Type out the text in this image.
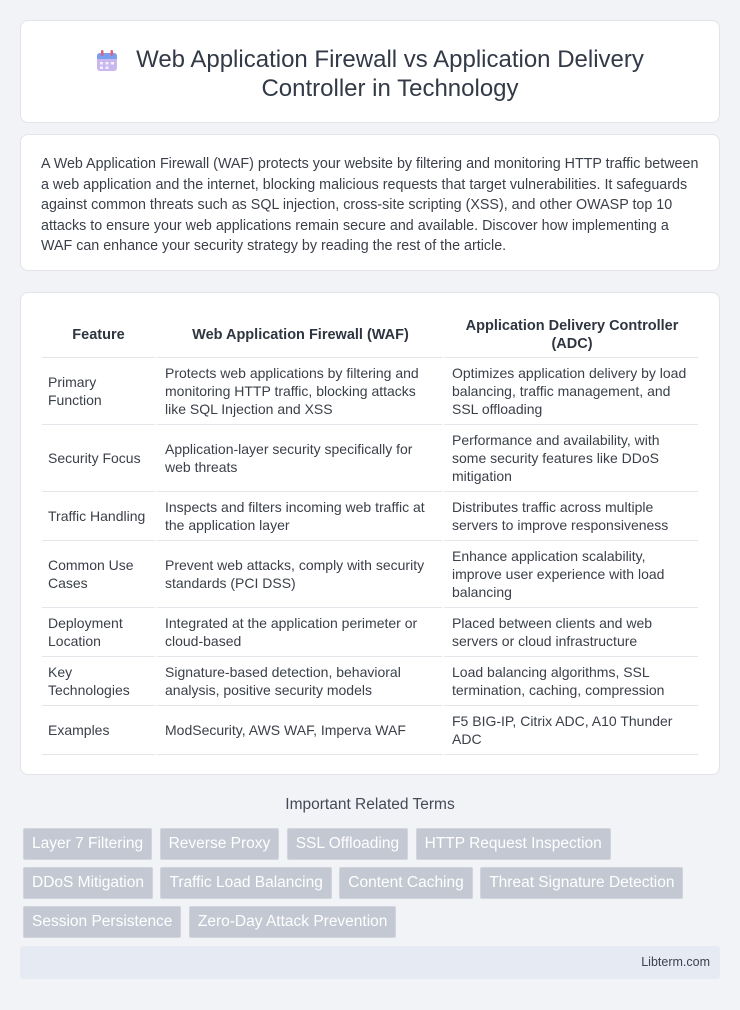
Web Application Firewall vs Application Delivery Controller in Technology

A Web Application Firewall (WAF) protects your website by filtering and monitoring HTTP traffic between a web application and the internet, blocking malicious requests that target vulnerabilities. It safeguards against common threats such as SQL injection, cross-site scripting (XSS), and other OWASP top 10 attacks to ensure your web applications remain secure and available. Discover how implementing a WAF can enhance your security strategy by reading the rest of the article.

Feature	Web Application Firewall (WAF)	Application Delivery Controller (ADC)
Primary Function	Protects web applications by filtering and monitoring HTTP traffic, blocking attacks like SQL Injection and XSS	Optimizes application delivery by load balancing, traffic management, and SSL offloading
Security Focus	Application-layer security specifically for web threats	Performance and availability, with some security features like DDoS mitigation
Traffic Handling	Inspects and filters incoming web traffic at the application layer	Distributes traffic across multiple servers to improve responsiveness
Common Use Cases	Prevent web attacks, comply with security standards (PCI DSS)	Enhance application scalability, improve user experience with load balancing
Deployment Location	Integrated at the application perimeter or cloud-based	Placed between clients and web servers or cloud infrastructure
Key Technologies	Signature-based detection, behavioral analysis, positive security models	Load balancing algorithms, SSL termination, caching, compression
Examples	ModSecurity, AWS WAF, Imperva WAF	F5 BIG-IP, Citrix ADC, A10 Thunder ADC
Important Related Terms
Layer 7 Filtering Reverse Proxy SSL Offloading HTTP Request Inspection DDoS Mitigation Traffic Load Balancing Content Caching Threat Signature Detection Session Persistence Zero-Day Attack Prevention
Libterm.com
